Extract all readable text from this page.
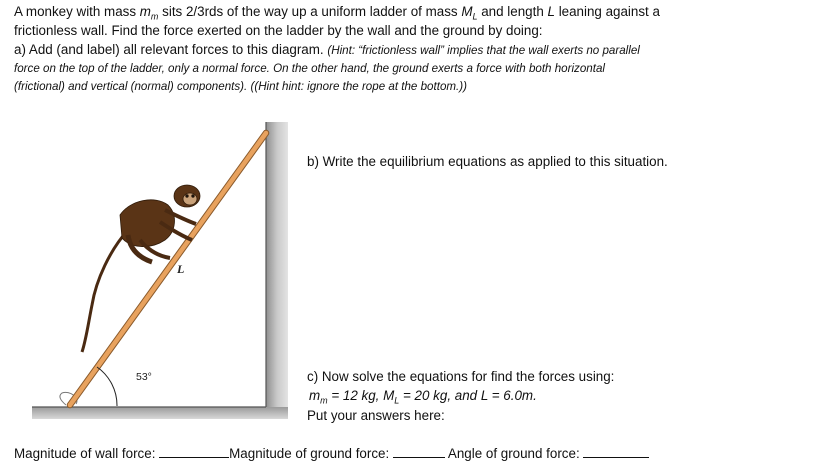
A monkey with mass $m_m$ sits 2/3rds of the way up a uniform ladder of mass $M_L$ and length L leaning against a
frictionless wall. Find the force exerted on the ladder by the wall and the ground by doing:
a) Add (and label) all relevant forces to this diagram. (Hint: “frictionless wall” implies that the wall exerts no parallel
force on the top of the ladder, only a normal force. On the other hand, the ground exerts a force with both horizontal
(frictional) and vertical (normal) components). ((Hint hint: ignore the rope at the bottom.))
L
53°
b) Write the equilibrium equations as applied to this situation.
c) Now solve the equations for find the forces using:
$m_m = 12$ kg, $M_L = 20$ kg, and L = 6.0m.
Put your answers here:
Magnitude of wall force:	Magnitude of ground force:	Angle of ground force:
